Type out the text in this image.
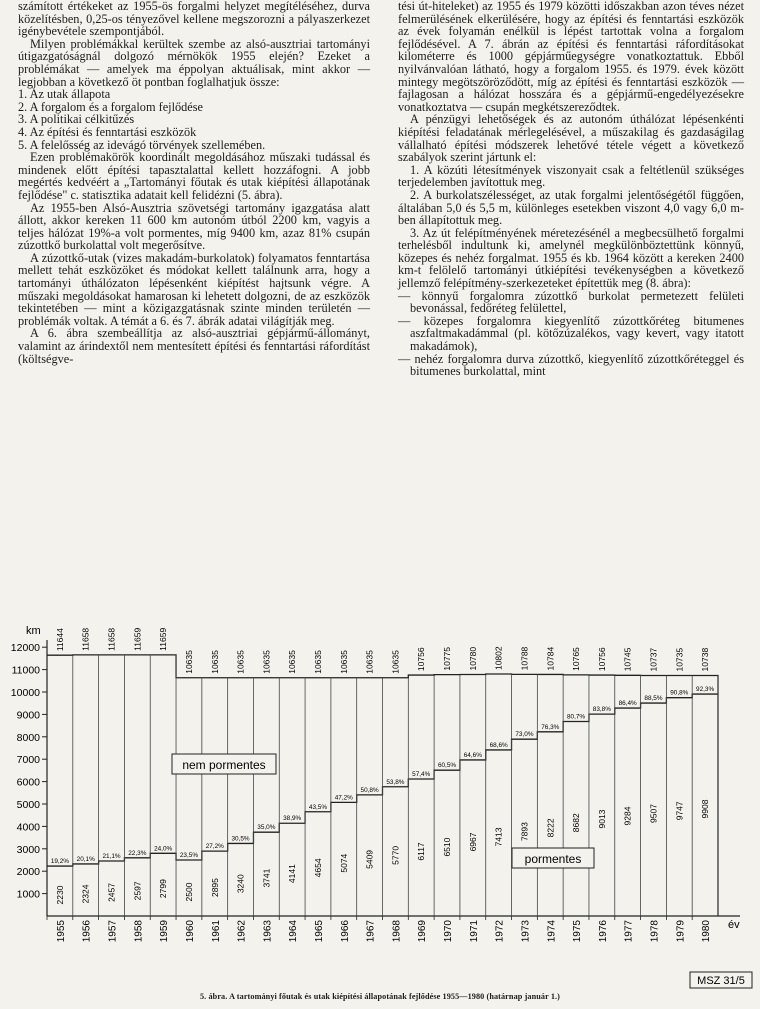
számított értékeket az 1955-ös forgalmi helyzet megítéléséhez, durva közelítésben, 0,25-os tényezővel kellene megszorozni a pályaszerkezet igénybevétele szempontjából.

Milyen problémákkal kerültek szembe az alsó-ausztriai tartományi útigazgatóságnál dolgozó mérnökök 1955 elején? Ezeket a problémákat — amelyek ma éppolyan aktuálisak, mint akkor — legjobban a következő öt pontban foglalhatjuk össze:

1. Az utak állapota

2. A forgalom és a forgalom fejlődése

3. A politikai célkitűzés

4. Az építési és fenntartási eszközök

5. A felelősség az idevágó törvények szellemében.

Ezen problémakörök koordinált megoldásához műszaki tudással és mindenek előtt építési tapasztalattal kellett hozzáfogni. A jobb megértés kedvéért a „Tartományi főutak és utak kiépítési állapotának fejlődése" c. statisztika adatait kell felidézni (5. ábra).

Az 1955-ben Alsó-Ausztria szövetségi tartomány igazgatása alatt állott, akkor kereken 11 600 km autonóm útból 2200 km, vagyis a teljes hálózat 19%-a volt pormentes, míg 9400 km, azaz 81% csupán zúzottkő burkolattal volt megerősítve.

A zúzottkő-utak (vizes makadám-burkolatok) folyamatos fenntartása mellett tehát eszközöket és módokat kellett találnunk arra, hogy a tartományi úthálózaton lépésenként kiépítést hajtsunk végre. A műszaki megoldásokat hamarosan ki lehetett dolgozni, de az eszközök tekintetében — mint a közigazgatásnak szinte minden területén — problémák voltak. A témát a 6. és 7. ábrák adatai világítják meg.

A 6. ábra szembeállítja az alsó-ausztriai gépjármű-állományt, valamint az árindextől nem mentesített építési és fenntartási ráfordítást (költségve-

tési út-hiteleket) az 1955 és 1979 közötti időszakban azon téves nézet felmerülésének elkerülésére, hogy az építési és fenntartási eszközök az évek folyamán enélkül is lépést tartottak volna a forgalom fejlődésével. A 7. ábrán az építési és fenntartási ráfordításokat kilométerre és 1000 gépjárműegységre vonatkoztattuk. Ebből nyilvánvalóan látható, hogy a forgalom 1955. és 1979. évek között mintegy megötszöröződött, míg az építési és fenntartási eszközök — fajlagosan a hálózat hosszára és a gépjármű-engedélyezésekre vonatkoztatva — csupán megkétszereződtek.

A pénzügyi lehetőségek és az autonóm úthálózat lépésenkénti kiépítési feladatának mérlegelésével, a műszakilag és gazdaságilag vállalható építési módszerek lehetővé tétele végett a következő szabályok szerint jártunk el:

1. A közúti létesítmények viszonyait csak a feltétlenül szükséges terjedelemben javítottuk meg.

2. A burkolatszélességet, az utak forgalmi jelentőségétől függően, általában 5,0 és 5,5 m, különleges esetekben viszont 4,0 vagy 6,0 m-ben állapítottuk meg.

3. Az út felépítményének méretezésénél a megbecsülhető forgalmi terhelésből indultunk ki, amelynél megkülönböztettünk könnyű, közepes és nehéz forgalmat. 1955 és kb. 1964 között a kereken 2400 km-t felölelő tartományi útkiépítési tevékenységben a következő jellemző felépítmény-szerkezeteket építettük meg (8. ábra):

— könnyű forgalomra zúzottkő burkolat permetezett felületi bevonással, fedőréteg felülettel,

— közepes forgalomra kiegyenlítő zúzottkőréteg bitumenes aszfaltmakadámmal (pl. kötőzúzalékos, vagy kevert, vagy itatott makadámok),

— nehéz forgalomra durva zúzottkő, kiegyenlítő zúzottkőréteggel és bitumenes burkolattal, mint

km
1000
2000
3000
4000
5000
6000
7000
8000
9000
10000
11000
12000
év
11644
2230
19,2%
1955
11658
2324
20,1%
1956
11658
2457
21,1%
1957
11659
2597
22,3%
1958
11659
2799
24,0%
1959
10635
2500
23,5%
1960
10635
2895
27,2%
1961
10635
3240
30,5%
1962
10635
3741
35,0%
1963
10635
4141
38,9%
1964
10635
4654
43,5%
1965
10635
5074
47,2%
1966
10635
5409
50,8%
1967
10635
5770
53,8%
1968
10756
6117
57,4%
1969
10775
6510
60,5%
1970
10780
6967
64,6%
1971
10802
7413
68,6%
1972
10788
7893
73,0%
1973
10784
8222
76,3%
1974
10765
8682
80,7%
1975
10756
9013
83,8%
1976
10745
9284
86,4%
1977
10737
9507
88,5%
1978
10735
9747
90,8%
1979
10738
9908
92,3%
1980
nem pormentes
pormentes
MSZ 31/5
5. ábra. A tartományi főutak és utak kiépítési állapotának fejlődése 1955—1980 (határnap január 1.)
